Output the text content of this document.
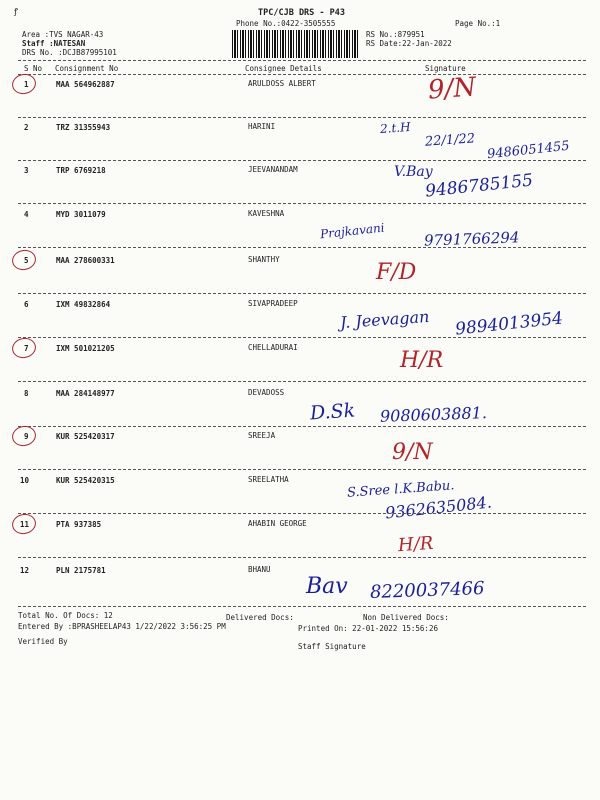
ꝭ	TPC/CJB DRS - P43
Phone No.:0422-3505555	Page No.:1
Area :TVS NAGAR-43
Staff :NATESAN
DRS No. :DCJB87995101
RS No.:879951
RS Date:22-Jan-2022
S No Consignment No	Consignee Details	Signature
1	MAA 564962887	ARULDOSS ALBERT	9/N
2	TRZ 31355943	HARINI	2.t.H
22/1/22 9486051455
3	TRP 6769218	JEEVANANDAM	V.Bay
9486785155
4	MYD 3011079	KAVESHNA
Prajkavani	9791766294
5	MAA 278600331	SHANTHY
F/D
6	IXM 49832864	SIVAPRADEEP
J. Jeevagan 9894013954
7	IXM 501021205	CHELLADURAI
H/R
8	MAA 284148977	DEVADOSS
D.Sk 9080603881.
9	KUR 525420317	SREEJA
9/N
10	KUR 525420315	SREELATHA	S.Sree l.K.Babu.
9362635084.
11	PTA 937385	AHABIN GEORGE
H/R
12	PLN 2175781	BHANU
Bav 8220037466
Total No. Of Docs: 12	Delivered Docs:	Non Delivered Docs:
Entered By :BPRASHEELAP43 1/22/2022 3:56:25 PM	Printed On: 22-01-2022 15:56:26
Verified By
Staff Signature
